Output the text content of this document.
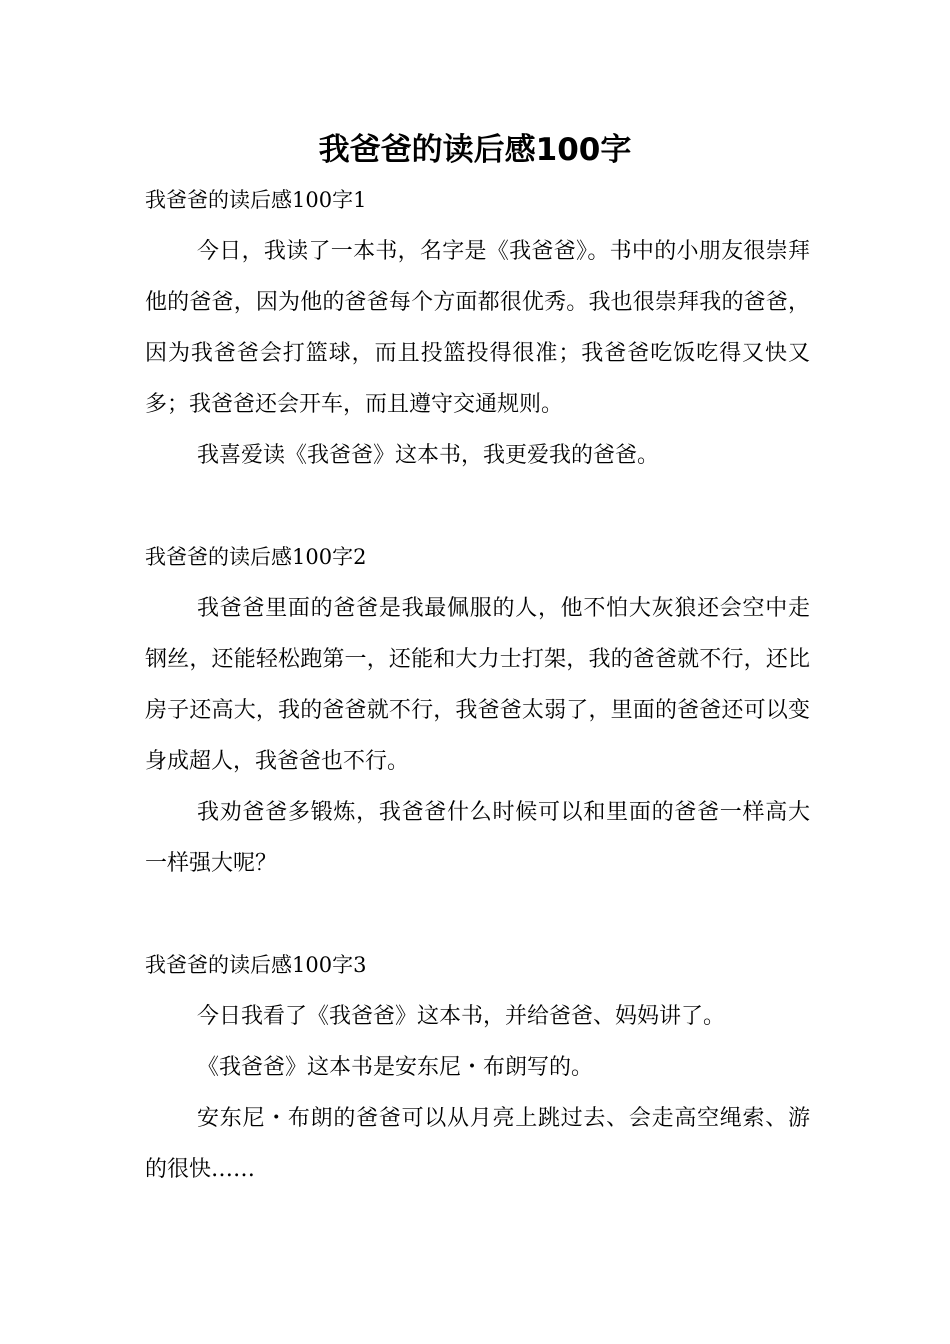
我爸爸的读后感100字
我爸爸的读后感100字1

今日，我读了一本书，名字是《我爸爸》。书中的小朋友很崇拜他的爸爸，因为他的爸爸每个方面都很优秀。我也很崇拜我的爸爸，因为我爸爸会打篮球，而且投篮投得很准；我爸爸吃饭吃得又快又多；我爸爸还会开车，而且遵守交通规则。

我喜爱读《我爸爸》这本书，我更爱我的爸爸。

我爸爸的读后感100字2

我爸爸里面的爸爸是我最佩服的人，他不怕大灰狼还会空中走钢丝，还能轻松跑第一，还能和大力士打架，我的爸爸就不行，还比房子还高大，我的爸爸就不行，我爸爸太弱了，里面的爸爸还可以变身成超人，我爸爸也不行。

我劝爸爸多锻炼，我爸爸什么时候可以和里面的爸爸一样高大一样强大呢？

我爸爸的读后感100字3

今日我看了《我爸爸》这本书，并给爸爸、妈妈讲了。

《我爸爸》这本书是安东尼・布朗写的。

安东尼・布朗的爸爸可以从月亮上跳过去、会走高空绳索、游的很快……
